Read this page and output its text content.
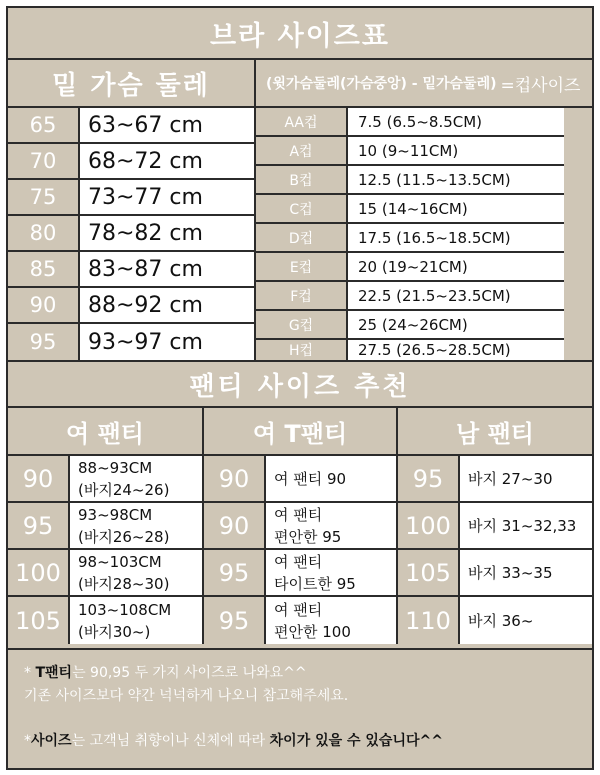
브라 사이즈표
밑 가슴 둘레	(윗가슴둘레(가슴중앙) - 밑가슴둘레) =컵사이즈
65	63~67 cm
70	68~72 cm
75	73~77 cm
80	78~82 cm
85	83~87 cm
90	88~92 cm
95	93~97 cm
AA컵	7.5 (6.5~8.5CM)
A컵	10 (9~11CM)
B컵	12.5 (11.5~13.5CM)
C컵	15 (14~16CM)
D컵	17.5 (16.5~18.5CM)
E컵	20 (19~21CM)
F컵	22.5 (21.5~23.5CM)
G컵	25 (24~26CM)
H컵	27.5 (26.5~28.5CM)
팬티 사이즈 추천
여 팬티	여 T팬티	남 팬티
90	88~93CM
(바지24~26)
95	93~98CM
(바지26~28)
100	98~103CM
(바지28~30)
105	103~108CM
(바지30~)
90	여 팬티 90
90	여 팬티
편안한 95
95	여 팬티
타이트한 95
95	여 팬티
편안한 100
95	바지 27~30
100	바지 31~32,33
105	바지 33~35
110	바지 36~
* T팬티는 90,95 두 가지 사이즈로 나와요^^
기존 사이즈보다 약간 넉넉하게 나오니 참고해주세요.
*사이즈는 고객님 취향이나 신체에 따라 차이가 있을 수 있습니다^^
